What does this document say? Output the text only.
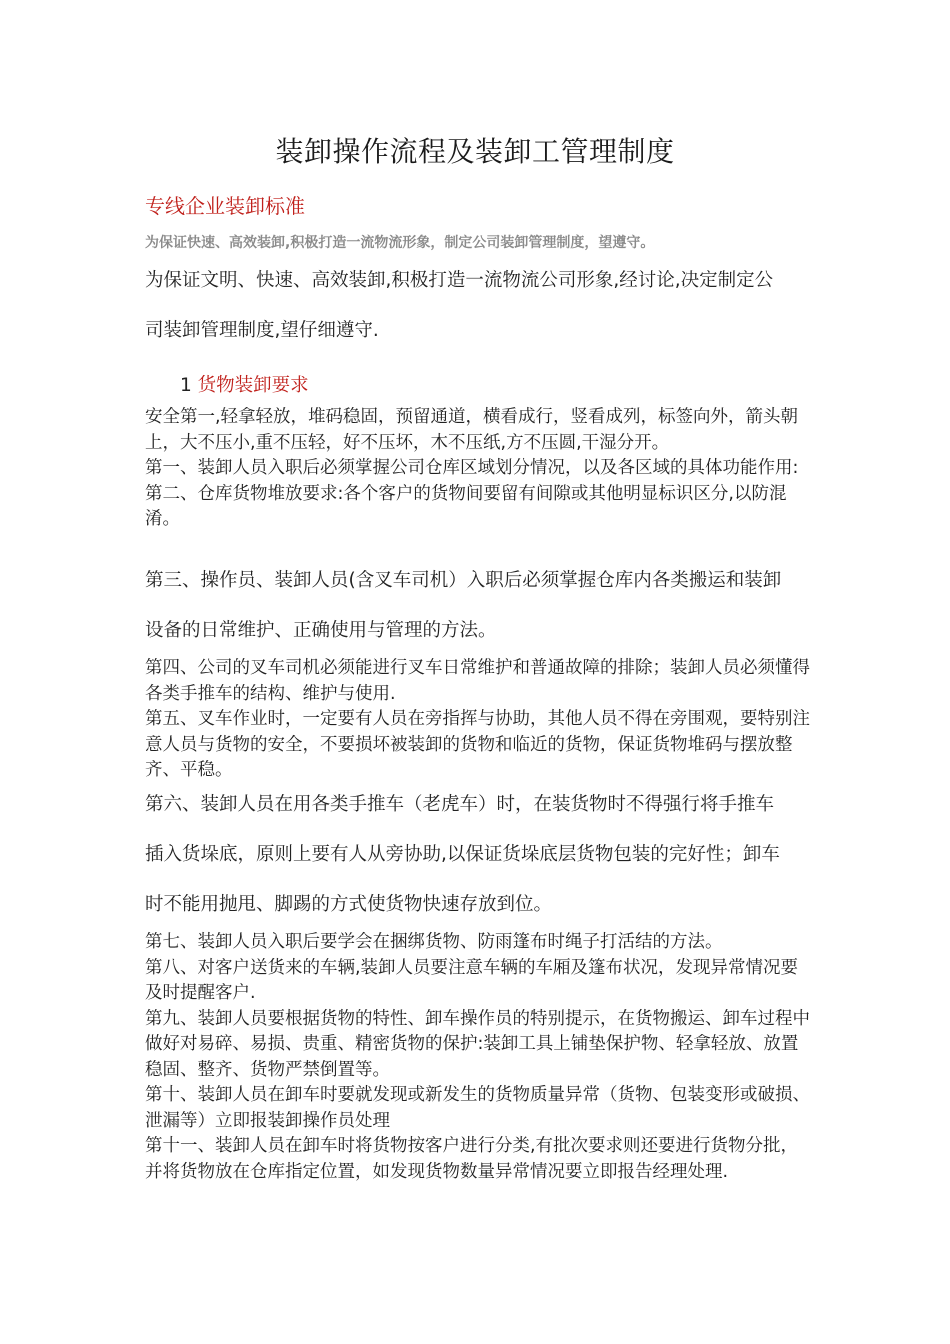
装卸操作流程及装卸工管理制度
专线企业装卸标准
为保证快速、高效装卸,积极打造一流物流形象，制定公司装卸管理制度，望遵守。
为保证文明、快速、高效装卸,积极打造一流物流公司形象,经讨论,决定制定公
司装卸管理制度,望仔细遵守.
1 货物装卸要求

安全第一,轻拿轻放，堆码稳固，预留通道，横看成行，竖看成列，标签向外，箭头朝上，大不压小,重不压轻，好不压坏，木不压纸,方不压圆,干湿分开。

第一、装卸人员入职后必须掌握公司仓库区域划分情况，以及各区域的具体功能作用:

第二、仓库货物堆放要求:各个客户的货物间要留有间隙或其他明显标识区分,以防混淆。

第三、操作员、装卸人员(含叉车司机）入职后必须掌握仓库内各类搬运和装卸
设备的日常维护、正确使用与管理的方法。

第四、公司的叉车司机必须能进行叉车日常维护和普通故障的排除；装卸人员必须懂得各类手推车的结构、维护与使用.

第五、叉车作业时，一定要有人员在旁指挥与协助，其他人员不得在旁围观，要特别注意人员与货物的安全，不要损坏被装卸的货物和临近的货物，保证货物堆码与摆放整齐、平稳。

第六、装卸人员在用各类手推车（老虎车）时，在装货物时不得强行将手推车
插入货垛底，原则上要有人从旁协助,以保证货垛底层货物包装的完好性；卸车
时不能用抛甩、脚踢的方式使货物快速存放到位。

第七、装卸人员入职后要学会在捆绑货物、防雨篷布时绳子打活结的方法。

第八、对客户送货来的车辆,装卸人员要注意车辆的车厢及篷布状况，发现异常情况要及时提醒客户.

第九、装卸人员要根据货物的特性、卸车操作员的特别提示，在货物搬运、卸车过程中做好对易碎、易损、贵重、精密货物的保护:装卸工具上铺垫保护物、轻拿轻放、放置稳固、整齐、货物严禁倒置等。

第十、装卸人员在卸车时要就发现或新发生的货物质量异常（货物、包装变形或破损、泄漏等）立即报装卸操作员处理

第十一、装卸人员在卸车时将货物按客户进行分类,有批次要求则还要进行货物分批，并将货物放在仓库指定位置，如发现货物数量异常情况要立即报告经理处理.
